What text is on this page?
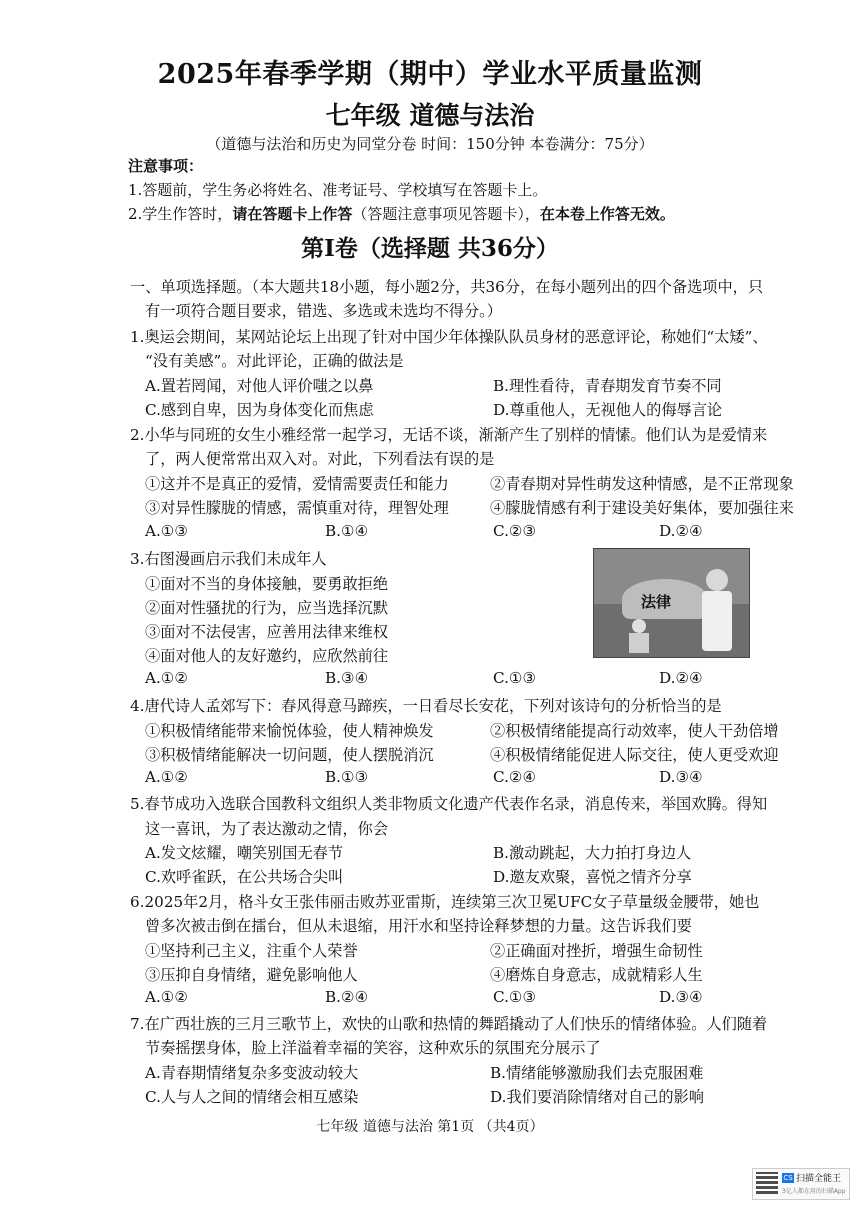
2025年春季学期（期中）学业水平质量监测
七年级 道德与法治
（道德与法治和历史为同堂分卷 时间：150分钟 本卷满分：75分）
注意事项：
1.答题前，学生务必将姓名、准考证号、学校填写在答题卡上。
2.学生作答时，请在答题卡上作答（答题注意事项见答题卡），在本卷上作答无效。
第Ⅰ卷（选择题 共36分）
一、单项选择题。（本大题共18小题，每小题2分，共36分，在每小题列出的四个备选项中，只
有一项符合题目要求，错选、多选或未选均不得分。）
1.奥运会期间，某网站论坛上出现了针对中国少年体操队队员身材的恶意评论，称她们“太矮”、
“没有美感”。对此评论，正确的做法是
A.置若罔闻，对他人评价嗤之以鼻	B.理性看待，青春期发育节奏不同
C.感到自卑，因为身体变化而焦虑	D.尊重他人，无视他人的侮辱言论
2.小华与同班的女生小雅经常一起学习，无话不谈，渐渐产生了别样的情愫。他们认为是爱情来
了，两人便常常出双入对。对此，下列看法有误的是
①这并不是真正的爱情，爱情需要责任和能力	②青春期对异性萌发这种情感，是不正常现象
③对异性朦胧的情感，需慎重对待，理智处理	④朦胧情感有利于建设美好集体，要加强往来
A.①③	B.①④	C.②③	D.②④
3.右图漫画启示我们未成年人
①面对不当的身体接触，要勇敢拒绝
②面对性骚扰的行为，应当选择沉默
③面对不法侵害，应善用法律来维权
④面对他人的友好邀约，应欣然前往
A.①②	B.③④	C.①③	D.②④
法律
4.唐代诗人孟郊写下：春风得意马蹄疾，一日看尽长安花，下列对该诗句的分析恰当的是
①积极情绪能带来愉悦体验，使人精神焕发	②积极情绪能提高行动效率，使人干劲倍增
③积极情绪能解决一切问题，使人摆脱消沉	④积极情绪能促进人际交往，使人更受欢迎
A.①②	B.①③	C.②④	D.③④
5.春节成功入选联合国教科文组织人类非物质文化遗产代表作名录，消息传来，举国欢腾。得知
这一喜讯，为了表达激动之情，你会
A.发文炫耀，嘲笑别国无春节	B.激动跳起，大力拍打身边人
C.欢呼雀跃，在公共场合尖叫	D.邀友欢聚，喜悦之情齐分享
6.2025年2月，格斗女王张伟丽击败苏亚雷斯，连续第三次卫冕UFC女子草量级金腰带，她也
曾多次被击倒在擂台，但从未退缩，用汗水和坚持诠释梦想的力量。这告诉我们要
①坚持利己主义，注重个人荣誉	②正确面对挫折，增强生命韧性
③压抑自身情绪，避免影响他人	④磨炼自身意志，成就精彩人生
A.①②	B.②④	C.①③	D.③④
7.在广西壮族的三月三歌节上，欢快的山歌和热情的舞蹈撬动了人们快乐的情绪体验。人们随着
节奏摇摆身体，脸上洋溢着幸福的笑容，这种欢乐的氛围充分展示了
A.青春期情绪复杂多变波动较大	B.情绪能够激励我们去克服困难
C.人与人之间的情绪会相互感染	D.我们要消除情绪对自己的影响
七年级 道德与法治 第1页 （共4页）
CS 扫描全能王
3亿人都在用的扫描App
